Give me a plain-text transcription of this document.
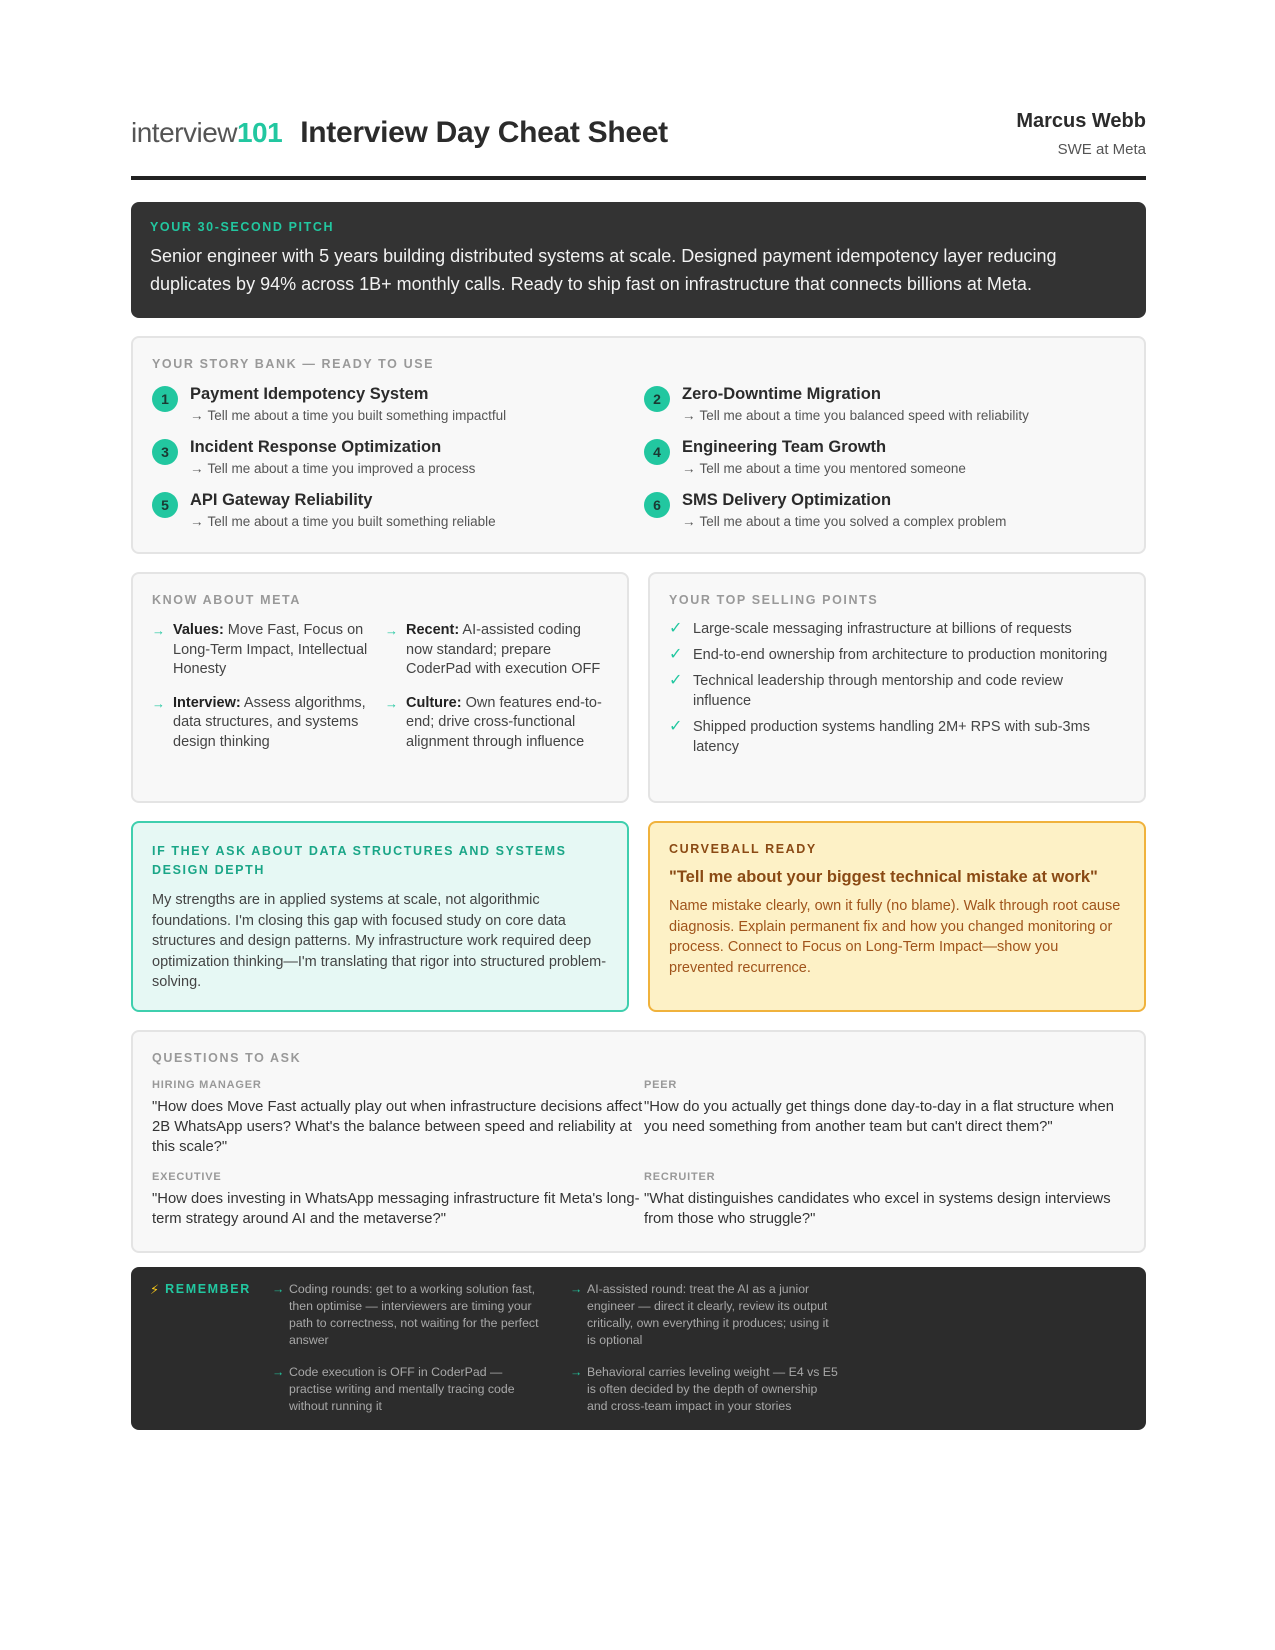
interview101 Interview Day Cheat Sheet	Marcus Webb
SWE at Meta
YOUR 30-SECOND PITCH
Senior engineer with 5 years building distributed systems at scale. Designed payment idempotency layer reducing duplicates by 94% across 1B+ monthly calls. Ready to ship fast on infrastructure that connects billions at Meta.
YOUR STORY BANK — READY TO USE
1	Payment Idempotency System
→ Tell me about a time you built something impactful
2	Zero-Downtime Migration
→ Tell me about a time you balanced speed with reliability
3	Incident Response Optimization
→ Tell me about a time you improved a process
4	Engineering Team Growth
→ Tell me about a time you mentored someone
5	API Gateway Reliability
→ Tell me about a time you built something reliable
6	SMS Delivery Optimization
→ Tell me about a time you solved a complex problem
KNOW ABOUT META
→ Values: Move Fast, Focus on Long-Term Impact, Intellectual Honesty
→ Recent: AI-assisted coding now standard; prepare CoderPad with execution OFF
→ Interview: Assess algorithms, data structures, and systems design thinking
→ Culture: Own features end-to-end; drive cross-functional alignment through influence
YOUR TOP SELLING POINTS
✓ Large-scale messaging infrastructure at billions of requests
✓ End-to-end ownership from architecture to production monitoring
✓ Technical leadership through mentorship and code review influence
✓ Shipped production systems handling 2M+ RPS with sub-3ms latency
IF THEY ASK ABOUT DATA STRUCTURES AND SYSTEMS DESIGN DEPTH
My strengths are in applied systems at scale, not algorithmic foundations. I'm closing this gap with focused study on core data structures and design patterns. My infrastructure work required deep optimization thinking—I'm translating that rigor into structured problem-solving.
CURVEBALL READY
"Tell me about your biggest technical mistake at work"
Name mistake clearly, own it fully (no blame). Walk through root cause diagnosis. Explain permanent fix and how you changed monitoring or process. Connect to Focus on Long-Term Impact—show you prevented recurrence.
QUESTIONS TO ASK
HIRING MANAGER
"How does Move Fast actually play out when infrastructure decisions affect 2B WhatsApp users? What's the balance between speed and reliability at this scale?"
PEER
"How do you actually get things done day-to-day in a flat structure when you need something from another team but can't direct them?"
EXECUTIVE
"How does investing in WhatsApp messaging infrastructure fit Meta's long-term strategy around AI and the metaverse?"
RECRUITER
"What distinguishes candidates who excel in systems design interviews from those who struggle?"
⚡ REMEMBER → Coding rounds: get to a working solution fast, then optimise — interviewers are timing your path to correctness, not waiting for the perfect answer
→ AI-assisted round: treat the AI as a junior engineer — direct it clearly, review its output critically, own everything it produces; using it is optional
→ Code execution is OFF in CoderPad — practise writing and mentally tracing code without running it
→ Behavioral carries leveling weight — E4 vs E5 is often decided by the depth of ownership and cross-team impact in your stories
